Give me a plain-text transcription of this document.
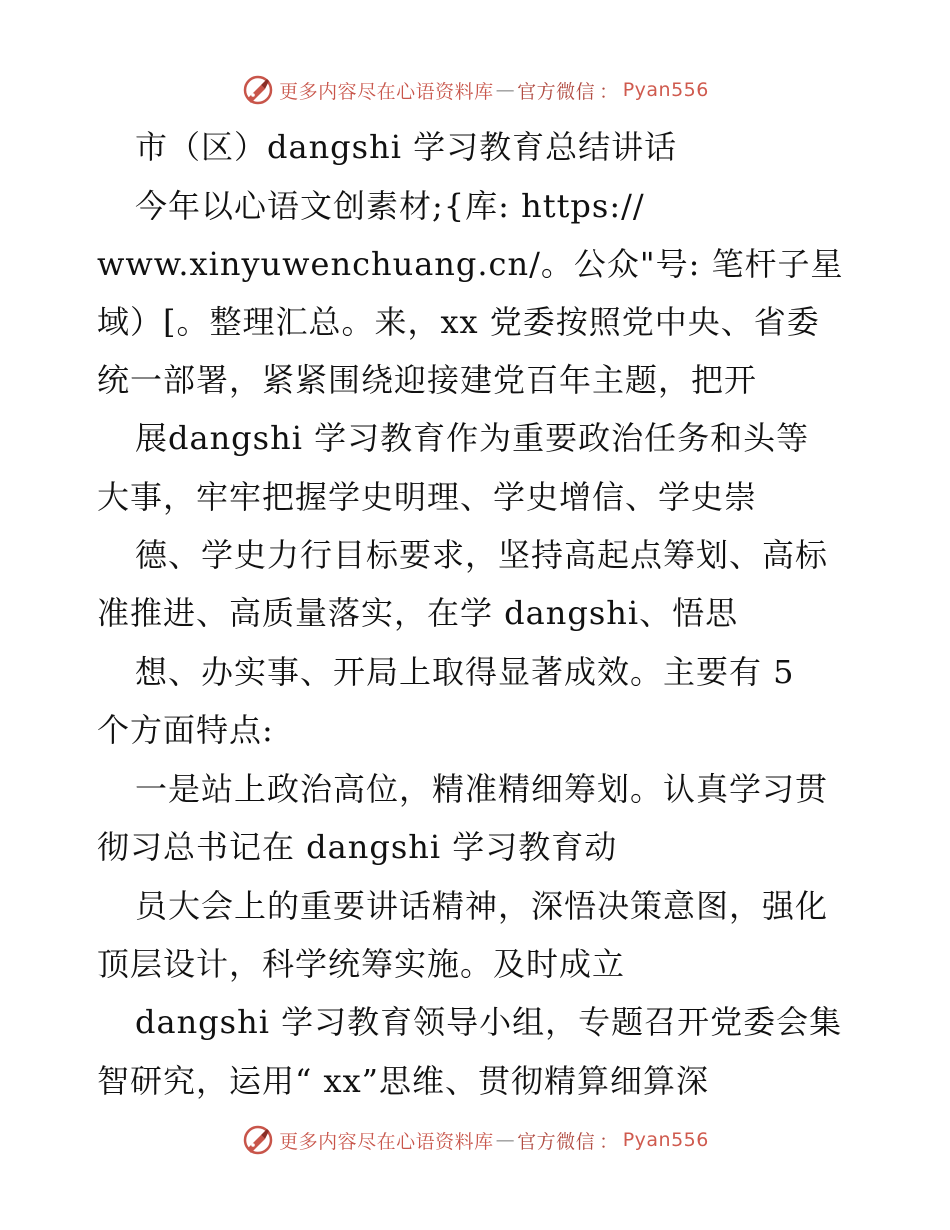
更多内容尽在心语资料库 — 官方微信 ： Pyan556
市（区）dangshi 学习教育总结讲话
今年以心语文创素材;{库: https://
www.xinyuwenchuang.cn/。公众"号: 笔杆子星
域）[。整理汇总。来，xx 党委按照党中央、省委
统一部署，紧紧围绕迎接建党百年主题，把开
展dangshi 学习教育作为重要政治任务和头等
大事，牢牢把握学史明理、学史增信、学史崇
德、学史力行目标要求，坚持高起点筹划、高标
准推进、高质量落实，在学 dangshi、悟思
想、办实事、开局上取得显著成效。主要有 5
个方面特点:
一是站上政治高位，精准精细筹划。认真学习贯
彻习总书记在 dangshi 学习教育动
员大会上的重要讲话精神，深悟决策意图，强化
顶层设计，科学统筹实施。及时成立
dangshi 学习教育领导小组，专题召开党委会集
智研究，运用“ xx”思维、贯彻精算细算深
更多内容尽在心语资料库 — 官方微信 ： Pyan556
